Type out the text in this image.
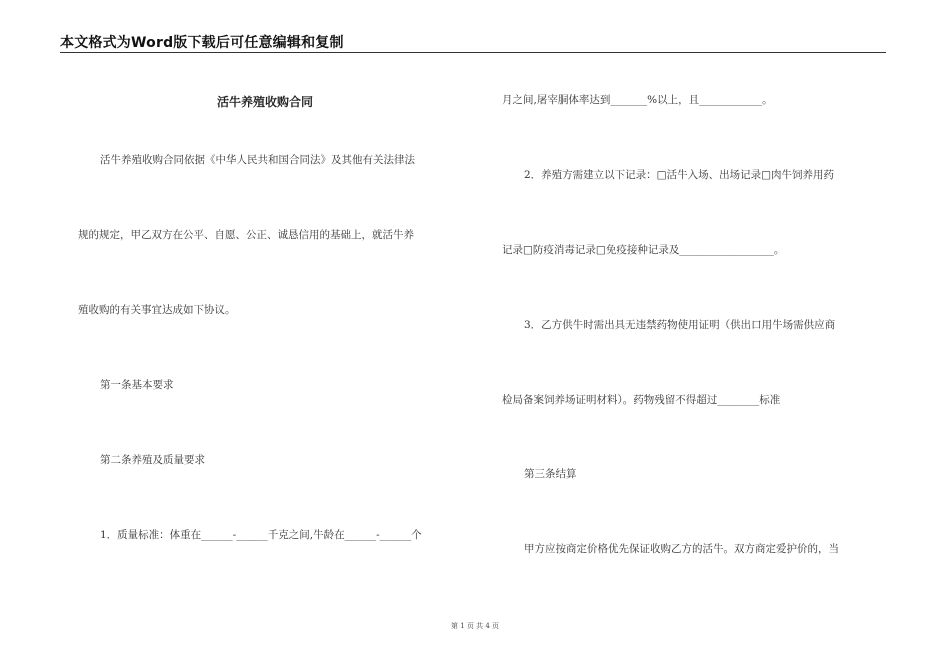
本文格式为Word版下载后可任意编辑和复制
活牛养殖收购合同
活牛养殖收购合同依据《中华人民共和国合同法》及其他有关法律法
规的规定，甲乙双方在公平、自愿、公正、诚恳信用的基础上，就活牛养
殖收购的有关事宜达成如下协议。
第一条基本要求
第二条养殖及质量要求
1．质量标准：体重在______-______千克之间,牛龄在______-______个
月之间,屠宰胴体率达到_______%以上，且____________。
2．养殖方需建立以下记录：□活牛入场、出场记录□肉牛饲养用药
记录□防疫消毒记录□免疫接种记录及__________________。
3．乙方供牛时需出具无违禁药物使用证明（供出口用牛场需供应商
检局备案饲养场证明材料）。药物残留不得超过________标准
第三条结算
甲方应按商定价格优先保证收购乙方的活牛。双方商定爱护价的，当
第 1 页 共 4 页
